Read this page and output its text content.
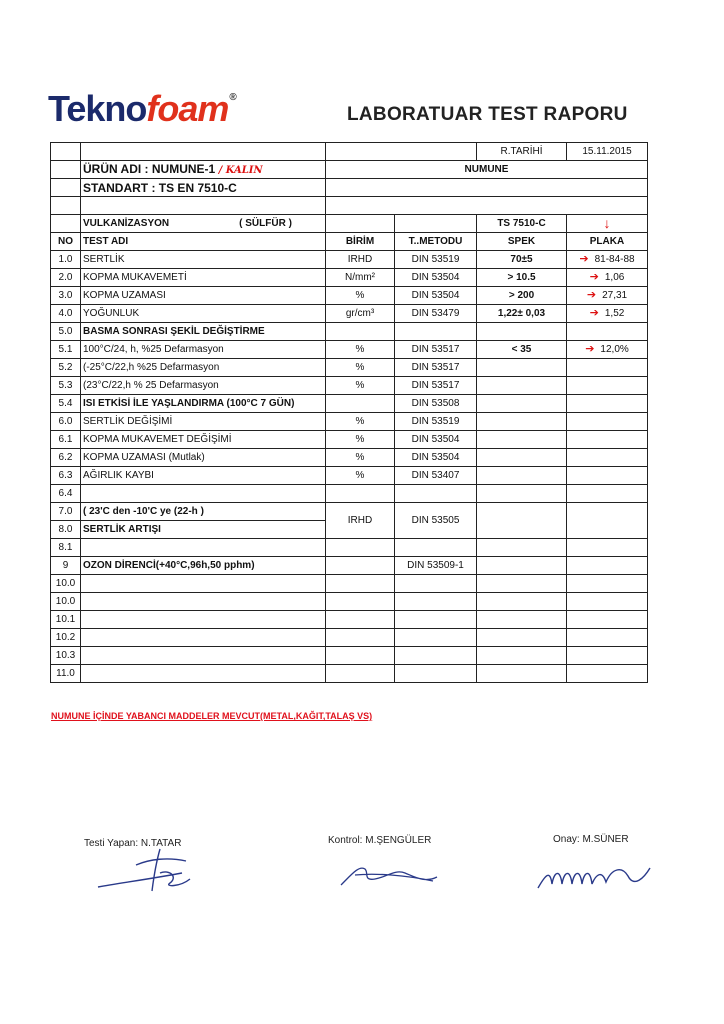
Teknofoam®
LABORATUAR TEST RAPORU
				R.TARİHİ	15.11.2015
	ÜRÜN ADI : NUMUNE-1 / KALIN	NUMUNE			
	STANDART : TS EN 7510-C				

	VULKANİZASYON ( SÜLFÜR )			TS 7510-C	↓
NO	TEST ADI	BİRİM	T..METODU	SPEK	PLAKA
1.0	SERTLİK	IRHD	DIN 53519	70±5	➔ 81-84-88
2.0	KOPMA MUKAVEMETİ	N/mm²	DIN 53504	> 10.5	➔ 1,06
3.0	KOPMA UZAMASI	%	DIN 53504	> 200	➔ 27,31
4.0	YOĞUNLUK	gr/cm³	DIN 53479	1,22± 0,03	➔ 1,52
5.0	BASMA SONRASI ŞEKİL DEĞİŞTİRME				
5.1	100°C/24, h, %25 Defarmasyon	%	DIN 53517	< 35	➔ 12,0%
5.2	(-25°C/22,h %25 Defarmasyon	%	DIN 53517		
5.3	(23°C/22,h % 25 Defarmasyon	%	DIN 53517		
5.4	ISI ETKİSİ İLE YAŞLANDIRMA (100°C 7 GÜN)		DIN 53508		
6.0	SERTLİK DEĞİŞİMİ	%	DIN 53519		
6.1	KOPMA MUKAVEMET DEĞİŞİMİ	%	DIN 53504		
6.2	KOPMA UZAMASI (Mutlak)	%	DIN 53504		
6.3	AĞIRLIK KAYBI	%	DIN 53407		
6.4					
7.0	( 23'C den -10'C ye (22-h )	IRHD	DIN 53505		
8.0	SERTLİK ARTIŞI				
8.1					
9	OZON DİRENCİ(+40°C,96h,50 pphm)		DIN 53509-1		
10.0					
10.0					
10.1					
10.2					
10.3					
11.0					
NUMUNE İÇİNDE YABANCI MADDELER MEVCUT(METAL,KAĞIT,TALAŞ VS)
Testi Yapan: N.TATAR	Kontrol: M.ŞENGÜLER	Onay: M.SÜNER
